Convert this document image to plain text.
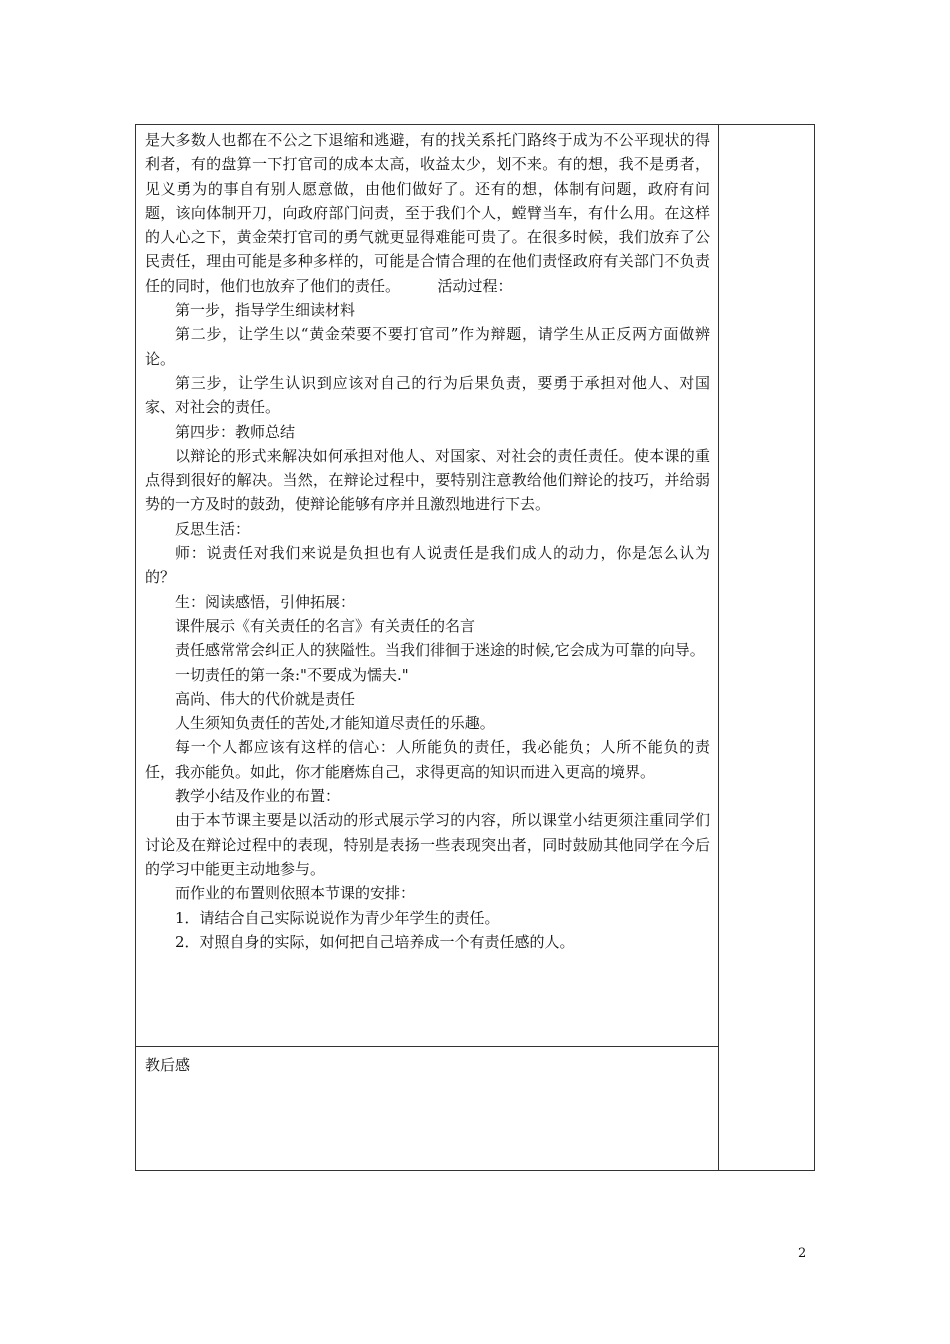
是大多数人也都在不公之下退缩和逃避，有的找关系托门路终于成为不公平现状的得利者，有的盘算一下打官司的成本太高，收益太少，划不来。有的想，我不是勇者，见义勇为的事自有别人愿意做，由他们做好了。还有的想，体制有问题，政府有问题，该向体制开刀，向政府部门问责，至于我们个人，螳臂当车，有什么用。在这样的人心之下，黄金荣打官司的勇气就更显得难能可贵了。在很多时候，我们放弃了公民责任，理由可能是多种多样的，可能是合情合理的在他们责怪政府有关部门不负责任的同时，他们也放弃了他们的责任。　　　活动过程：

第一步，指导学生细读材料

第二步，让学生以“黄金荣要不要打官司”作为辩题，请学生从正反两方面做辨论。

第三步，让学生认识到应该对自己的行为后果负责，要勇于承担对他人、对国家、对社会的责任。

第四步：教师总结

以辩论的形式来解决如何承担对他人、对国家、对社会的责任责任。使本课的重点得到很好的解决。当然，在辩论过程中，要特别注意教给他们辩论的技巧，并给弱势的一方及时的鼓劲，使辩论能够有序并且激烈地进行下去。

反思生活：

师：说责任对我们来说是负担也有人说责任是我们成人的动力，你是怎么认为的？

生：阅读感悟，引伸拓展：

课件展示《有关责任的名言》有关责任的名言

责任感常常会纠正人的狭隘性。当我们徘徊于迷途的时候,它会成为可靠的向导。

一切责任的第一条:"不要成为懦夫."

高尚、伟大的代价就是责任

人生须知负责任的苦处,才能知道尽责任的乐趣。

每一个人都应该有这样的信心：人所能负的责任，我必能负；人所不能负的责任，我亦能负。如此，你才能磨炼自己，求得更高的知识而进入更高的境界。

教学小结及作业的布置：

由于本节课主要是以活动的形式展示学习的内容，所以课堂小结更须注重同学们讨论及在辩论过程中的表现，特别是表扬一些表现突出者，同时鼓励其他同学在今后的学习中能更主动地参与。

而作业的布置则依照本节课的安排：

1．请结合自己实际说说作为青少年学生的责任。

2．对照自身的实际，如何把自己培养成一个有责任感的人。

教后感
2
